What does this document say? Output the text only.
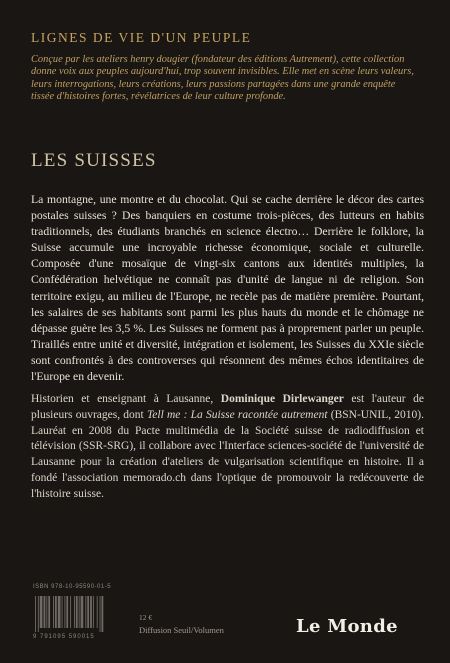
LIGNES DE VIE D'UN PEUPLE
Conçue par les ateliers henry dougier (fondateur des éditions Autrement), cette collection donne voix aux peuples aujourd'hui, trop souvent invisibles. Elle met en scène leurs valeurs, leurs interrogations, leurs créations, leurs passions partagées dans une grande enquête tissée d'histoires fortes, révélatrices de leur culture profonde.
LES SUISSES
La montagne, une montre et du chocolat. Qui se cache derrière le décor des cartes postales suisses ? Des banquiers en costume trois-pièces, des lutteurs en habits traditionnels, des étudiants branchés en science électro… Derrière le folklore, la Suisse accumule une incroyable richesse économique, sociale et culturelle. Composée d'une mosaïque de vingt-six cantons aux identités multiples, la Confédération helvétique ne connaît pas d'unité de langue ni de religion. Son territoire exigu, au milieu de l'Europe, ne recèle pas de matière première. Pourtant, les salaires de ses habitants sont parmi les plus hauts du monde et le chômage ne dépasse guère les 3,5 %. Les Suisses ne forment pas à proprement parler un peuple. Tiraillés entre unité et diversité, intégration et isolement, les Suisses du XXIe siècle sont confrontés à des controverses qui résonnent des mêmes échos identitaires de l'Europe en devenir.
Historien et enseignant à Lausanne, Dominique Dirlewanger est l'auteur de plusieurs ouvrages, dont Tell me : La Suisse racontée autrement (BSN-UNIL, 2010). Lauréat en 2008 du Pacte multimédia de la Société suisse de radiodiffusion et télévision (SSR-SRG), il collabore avec l'Interface sciences-société de l'université de Lausanne pour la création d'ateliers de vulgarisation scientifique en histoire. Il a fondé l'association memorado.ch dans l'optique de promouvoir la redécouverte de l'histoire suisse.
ISBN 978-10-95590-01-5
9 791095 590015
12 €
Diffusion Seuil/Volumen	Le Monde
